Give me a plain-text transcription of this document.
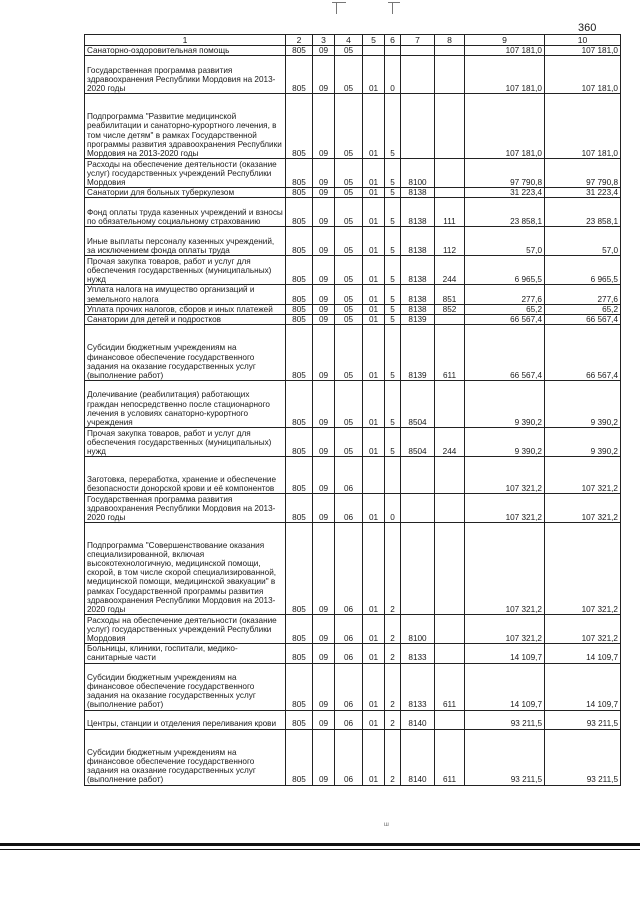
360
1	2	3	4	5	6	7	8	9	10
Санаторно-оздоровительная помощь	805	09	05					107 181,0	107 181,0
Государственная программа развития здравоохранения Республики Мордовия на 2013-2020 годы	805	09	05	01	0			107 181,0	107 181,0
Подпрограмма "Развитие медицинской реабилитации и санаторно-курортного лечения, в том числе детям" в рамках Государственной программы развития здравоохранения Республики Мордовия на 2013-2020 годы	805	09	05	01	5			107 181,0	107 181,0
Расходы на обеспечение деятельности (оказание услуг) государственных учреждений Республики Мордовия	805	09	05	01	5	8100		97 790,8	97 790,8
Санатории для больных туберкулезом	805	09	05	01	5	8138		31 223,4	31 223,4
Фонд оплаты труда казенных учреждений и взносы по обязательному социальному страхованию	805	09	05	01	5	8138	111	23 858,1	23 858,1
Иные выплаты персоналу казенных учреждений, за исключением фонда оплаты труда	805	09	05	01	5	8138	112	57,0	57,0
Прочая закупка товаров, работ и услуг для обеспечения государственных (муниципальных) нужд	805	09	05	01	5	8138	244	6 965,5	6 965,5
Уплата налога на имущество организаций и земельного налога	805	09	05	01	5	8138	851	277,6	277,6
Уплата прочих налогов, сборов и иных платежей	805	09	05	01	5	8138	852	65,2	65,2
Санатории для детей и подростков	805	09	05	01	5	8139		66 567,4	66 567,4
Субсидии бюджетным учреждениям на финансовое обеспечение государственного задания на оказание государственных услуг (выполнение работ)	805	09	05	01	5	8139	611	66 567,4	66 567,4
Долечивание (реабилитация) работающих граждан непосредственно после стационарного лечения в условиях санаторно-курортного учреждения	805	09	05	01	5	8504		9 390,2	9 390,2
Прочая закупка товаров, работ и услуг для обеспечения государственных (муниципальных) нужд	805	09	05	01	5	8504	244	9 390,2	9 390,2
Заготовка, переработка, хранение и обеспечение безопасности донорской крови и её компонентов	805	09	06					107 321,2	107 321,2
Государственная программа развития здравоохранения Республики Мордовия на 2013-2020 годы	805	09	06	01	0			107 321,2	107 321,2
Подпрограмма "Совершенствование оказания специализированной, включая высокотехнологичную, медицинской помощи, скорой, в том числе скорой специализированной, медицинской помощи, медицинской эвакуации" в рамках Государственной программы развития здравоохранения Республики Мордовия на 2013-2020 годы	805	09	06	01	2			107 321,2	107 321,2
Расходы на обеспечение деятельности (оказание услуг) государственных учреждений Республики Мордовия	805	09	06	01	2	8100		107 321,2	107 321,2
Больницы, клиники, госпитали, медико-санитарные части	805	09	06	01	2	8133		14 109,7	14 109,7
Субсидии бюджетным учреждениям на финансовое обеспечение государственного задания на оказание государственных услуг (выполнение работ)	805	09	06	01	2	8133	611	14 109,7	14 109,7
Центры, станции и отделения переливания крови	805	09	06	01	2	8140		93 211,5	93 211,5
Субсидии бюджетным учреждениям на финансовое обеспечение государственного задания на оказание государственных услуг (выполнение работ)	805	09	06	01	2	8140	611	93 211,5	93 211,5
ш
